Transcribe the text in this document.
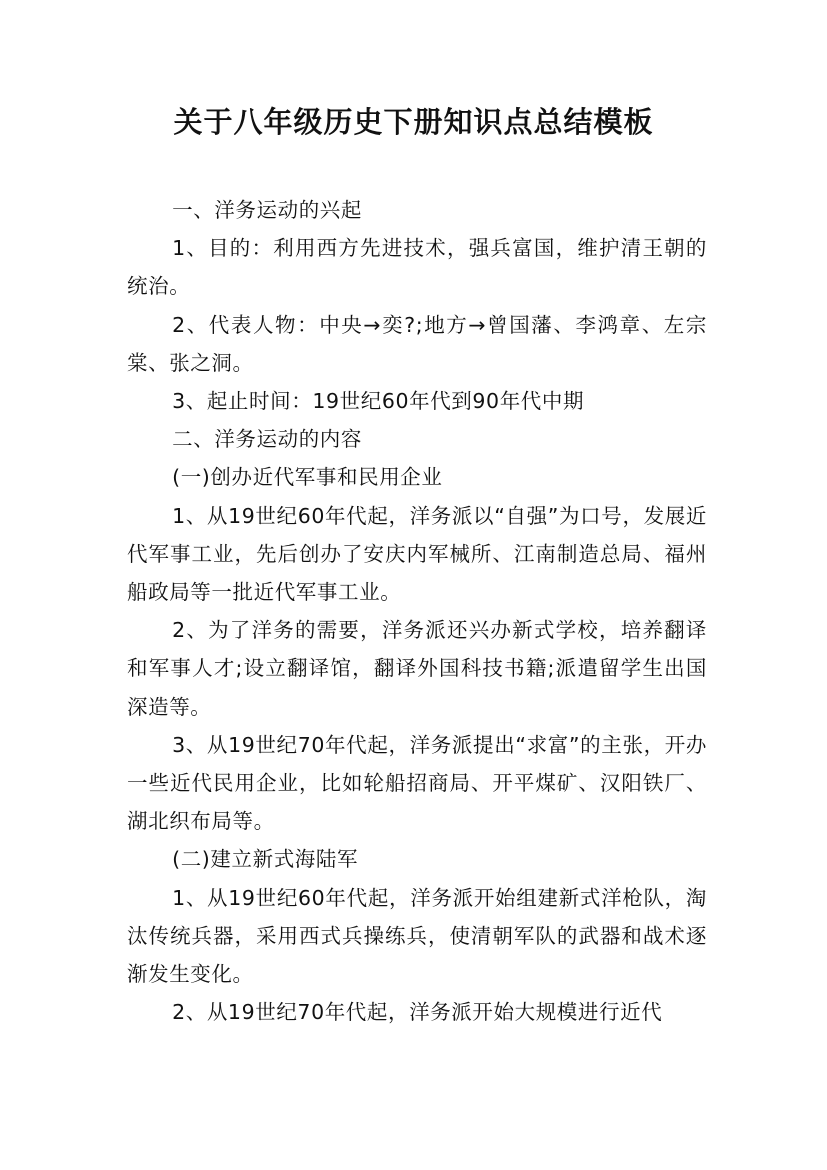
关于八年级历史下册知识点总结模板

一、洋务运动的兴起

1、目的：利用西方先进技术，强兵富国，维护清王朝的统治。

2、代表人物：中央→奕?;地方→曾国藩、李鸿章、左宗棠、张之洞。

3、起止时间：19世纪60年代到90年代中期

二、洋务运动的内容

(一)创办近代军事和民用企业

1、从19世纪60年代起，洋务派以“自强”为口号，发展近代军事工业，先后创办了安庆内军械所、江南制造总局、福州船政局等一批近代军事工业。

2、为了洋务的需要，洋务派还兴办新式学校，培养翻译和军事人才;设立翻译馆，翻译外国科技书籍;派遣留学生出国深造等。

3、从19世纪70年代起，洋务派提出“求富”的主张，开办一些近代民用企业，比如轮船招商局、开平煤矿、汉阳铁厂、湖北织布局等。

(二)建立新式海陆军

1、从19世纪60年代起，洋务派开始组建新式洋枪队，淘汰传统兵器，采用西式兵操练兵，使清朝军队的武器和战术逐渐发生变化。

2、从19世纪70年代起，洋务派开始大规模进行近代
